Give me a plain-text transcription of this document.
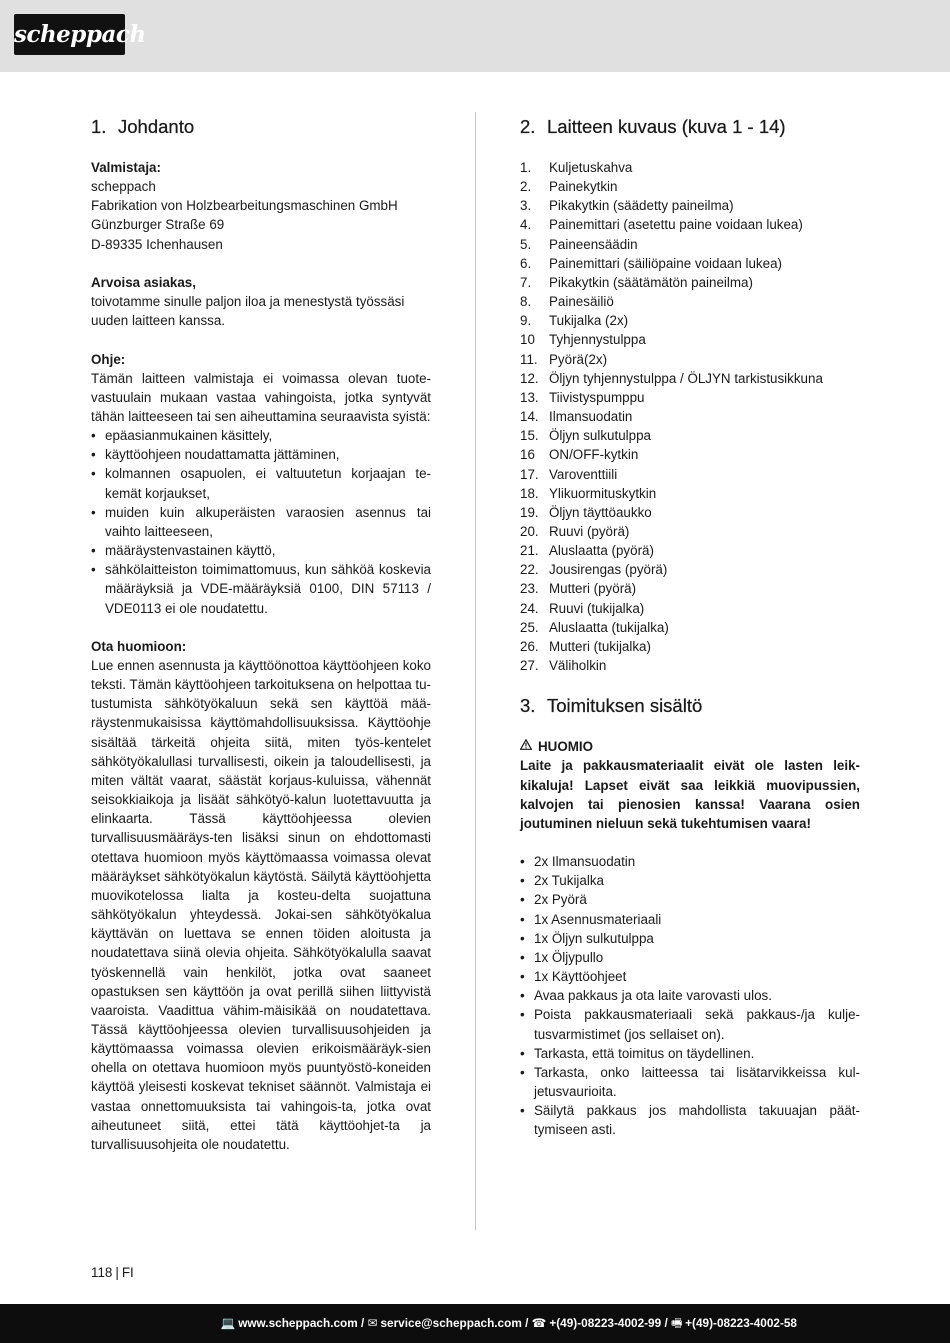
scheppach
1. Johdanto

Valmistaja:

scheppach

Fabrikation von Holzbearbeitungsmaschinen GmbH

Günzburger Straße 69

D-89335 Ichenhausen

Arvoisa asiakas,

toivotamme sinulle paljon iloa ja menestystä työssäsi uuden laitteen kanssa.

Ohje:

Tämän laitteen valmistaja ei voimassa olevan tuote-vastuulain mukaan vastaa vahingoista, jotka syntyvät tähän laitteeseen tai sen aiheuttamina seuraavista syistä:

• epäasianmukainen käsittely,
• käyttöohjeen noudattamatta jättäminen,
• kolmannen osapuolen, ei valtuutetun korjaajan te-kemät korjaukset,
• muiden kuin alkuperäisten varaosien asennus tai vaihto laitteeseen,
• määräystenvastainen käyttö,
• sähkölaitteiston toimimattomuus, kun sähköä koskevia määräyksiä ja VDE-määräyksiä 0100, DIN 57113 / VDE0113 ei ole noudatettu.

Ota huomioon:

Lue ennen asennusta ja käyttöönottoa käyttöohjeen koko teksti. Tämän käyttöohjeen tarkoituksena on helpottaa tu-tustumista sähkötyökaluun sekä sen käyttöä mää-räystenmukaisissa käyttömahdollisuuksissa. Käyttöohje sisältää tärkeitä ohjeita siitä, miten työs-kentelet sähkötyökalullasi turvallisesti, oikein ja taloudellisesti, ja miten vältät vaarat, säästät korjaus-kuluissa, vähennät seisokkiaikoja ja lisäät sähkötyö-kalun luotettavuutta ja elinkaarta. Tässä käyttöohjeessa olevien turvallisuusmääräys-ten lisäksi sinun on ehdottomasti otettava huomioon myös käyttömaassa voimassa olevat määräykset sähkötyökalun käytöstä. Säilytä käyttöohjetta muovikotelossa lialta ja kosteu-delta suojattuna sähkötyökalun yhteydessä. Jokai-sen sähkötyökalua käyttävän on luettava se ennen töiden aloitusta ja noudatettava siinä olevia ohjeita. Sähkötyökalulla saavat työskennellä vain henkilöt, jotka ovat saaneet opastuksen sen käyttöön ja ovat perillä siihen liittyvistä vaaroista. Vaadittua vähim-mäisikää on noudatettava. Tässä käyttöohjeessa olevien turvallisuusohjeiden ja käyttömaassa voimassa olevien erikoismääräyk-sien ohella on otettava huomioon myös puuntyöstö-koneiden käyttöä yleisesti koskevat tekniset säännöt. Valmistaja ei vastaa onnettomuuksista tai vahingois-ta, jotka ovat aiheutuneet siitä, ettei tätä käyttöohjet-ta ja turvallisuusohjeita ole noudatettu.

2. Laitteen kuvaus (kuva 1 - 14)
1.	Kuljetuskahva
2.	Painekytkin
3.	Pikakytkin (säädetty paineilma)
4.	Painemittari (asetettu paine voidaan lukea)
5.	Paineensäädin
6.	Painemittari (säiliöpaine voidaan lukea)
7.	Pikakytkin (säätämätön paineilma)
8.	Painesäiliö
9.	Tukijalka (2x)
10	Tyhjennystulppa
11. Pyörä(2x)
12. Öljyn tyhjennystulppa / ÖLJYN tarkistusikkuna
13. Tiivistyspumppu
14. Ilmansuodatin
15. Öljyn sulkutulppa
16	ON/OFF-kytkin
17. Varoventtiili
18. Ylikuormituskytkin
19. Öljyn täyttöaukko
20. Ruuvi (pyörä)
21. Aluslaatta (pyörä)
22. Jousirengas (pyörä)
23. Mutteri (pyörä)
24. Ruuvi (tukijalka)
25. Aluslaatta (tukijalka)
26. Mutteri (tukijalka)
27. Väliholkin
3. Toimituksen sisältö

HUOMIO

Laite ja pakkausmateriaalit eivät ole lasten leik-kikaluja! Lapset eivät saa leikkiä muovipussien, kalvojen tai pienosien kanssa! Vaarana osien joutuminen nieluun sekä tukehtumisen vaara!

• 2x Ilmansuodatin
• 2x Tukijalka
• 2x Pyörä
• 1x Asennusmateriaali
• 1x Öljyn sulkutulppa
• 1x Öljypullo
• 1x Käyttöohjeet
• Avaa pakkaus ja ota laite varovasti ulos.
• Poista pakkausmateriaali sekä pakkaus-/ja kulje-tusvarmistimet (jos sellaiset on).
• Tarkasta, että toimitus on täydellinen.
• Tarkasta, onko laitteessa tai lisätarvikkeissa kul-jetusvaurioita.
• Säilytä pakkaus jos mahdollista takuuajan päät-tymiseen asti.
118 | FI
💻 www.scheppach.com / ✉ service@scheppach.com / ☎ +(49)-08223-4002-99 / 🖷 +(49)-08223-4002-58
